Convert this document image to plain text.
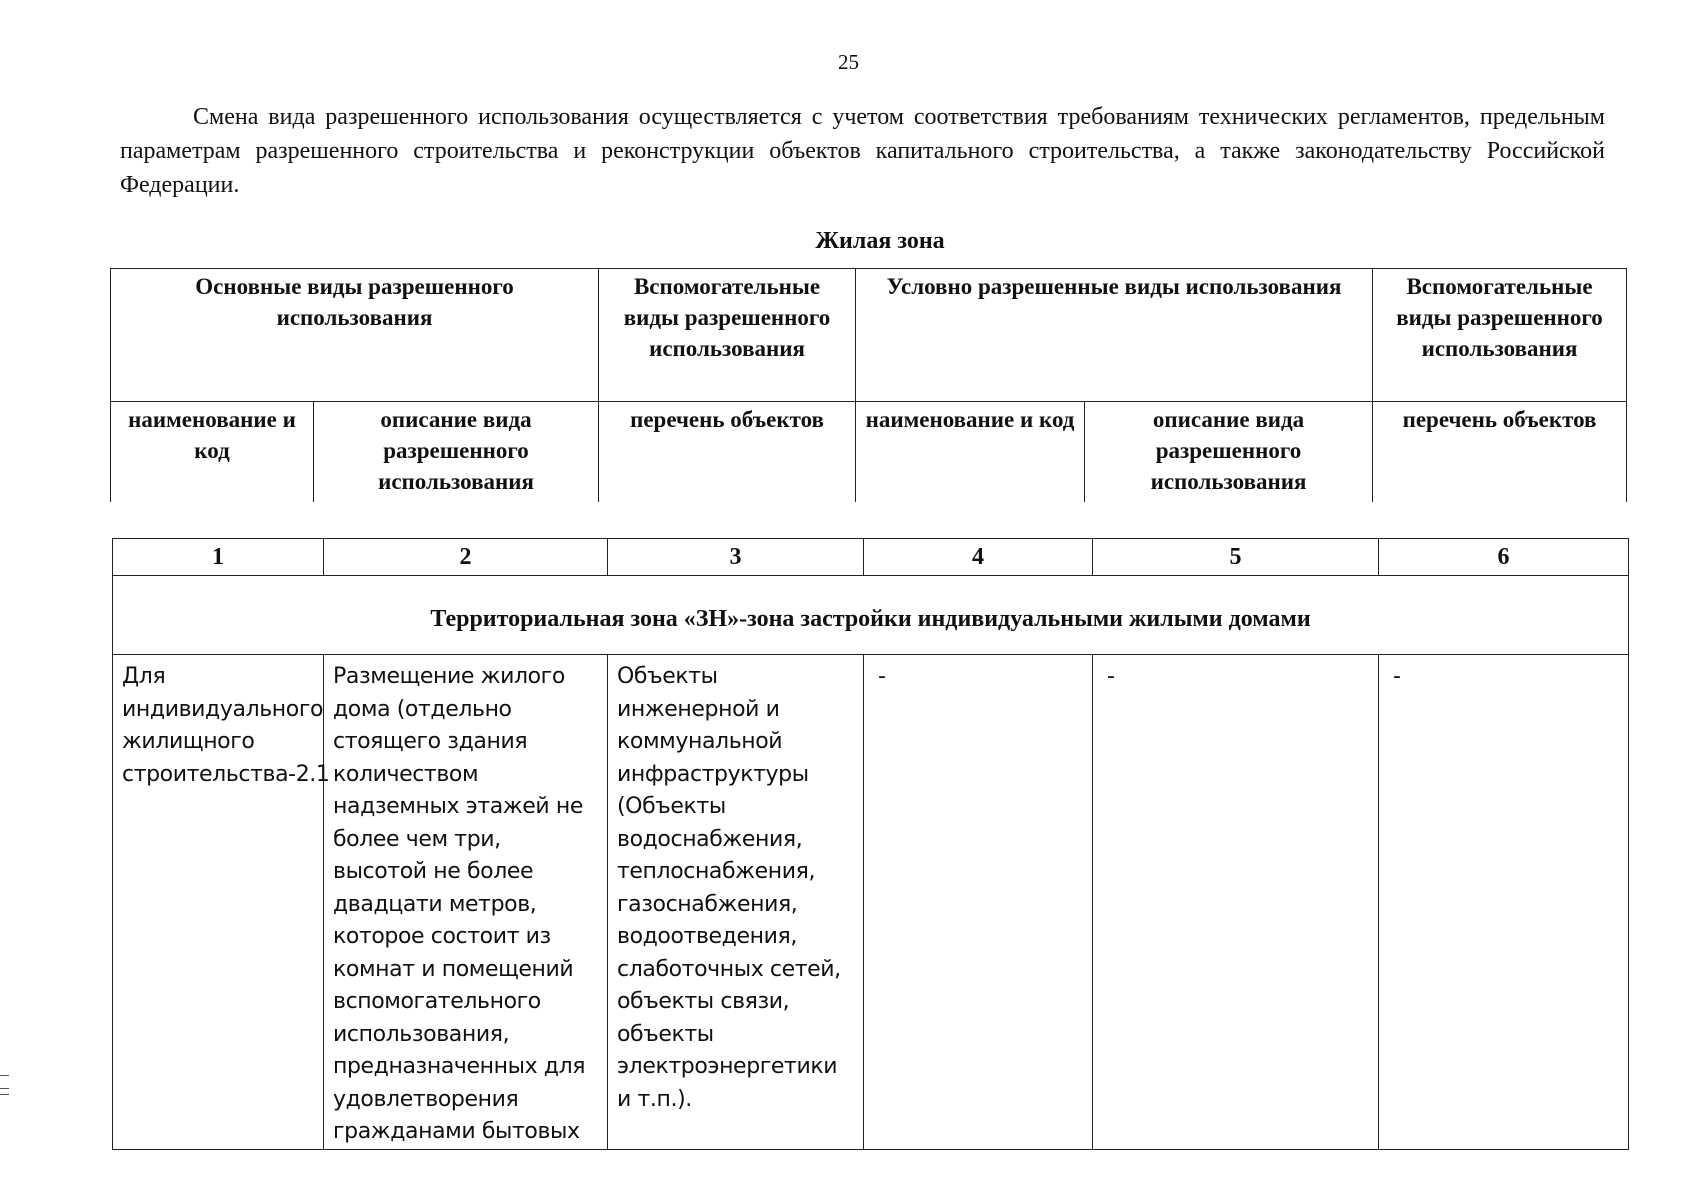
25

Смена вида разрешенного использования осуществляется с учетом соответствия требованиям технических регламентов, предельным параметрам разрешенного строительства и реконструкции объектов капитального строительства, а также законодательству Российской Федерации.

Жилая зона
Основные виды разрешенного использования		Вспомогательные виды разрешенного использования	Условно разрешенные виды использования		Вспомогательные виды разрешенного использования
наименование и код	описание вида разрешенного использования	перечень объектов	наименование и код	описание вида разрешенного использования	перечень объектов
1	2	3	4	5	6
Территориальная зона «ЗН»-зона застройки индивидуальными жилыми домами					
Для индивидуального жилищного строительства-2.1	Размещение жилого дома (отдельно стоящего здания количеством надземных этажей не более чем три, высотой не более двадцати метров, которое состоит из комнат и помещений вспомогательного использования, предназначенных для удовлетворения гражданами бытовых	Объекты инженерной и коммунальной инфраструктуры (Объекты водоснабжения, теплоснабжения, газоснабжения, водоотведения, слаботочных сетей, объекты связи, объекты электроэнергетики и т.п.).	-	-	-
